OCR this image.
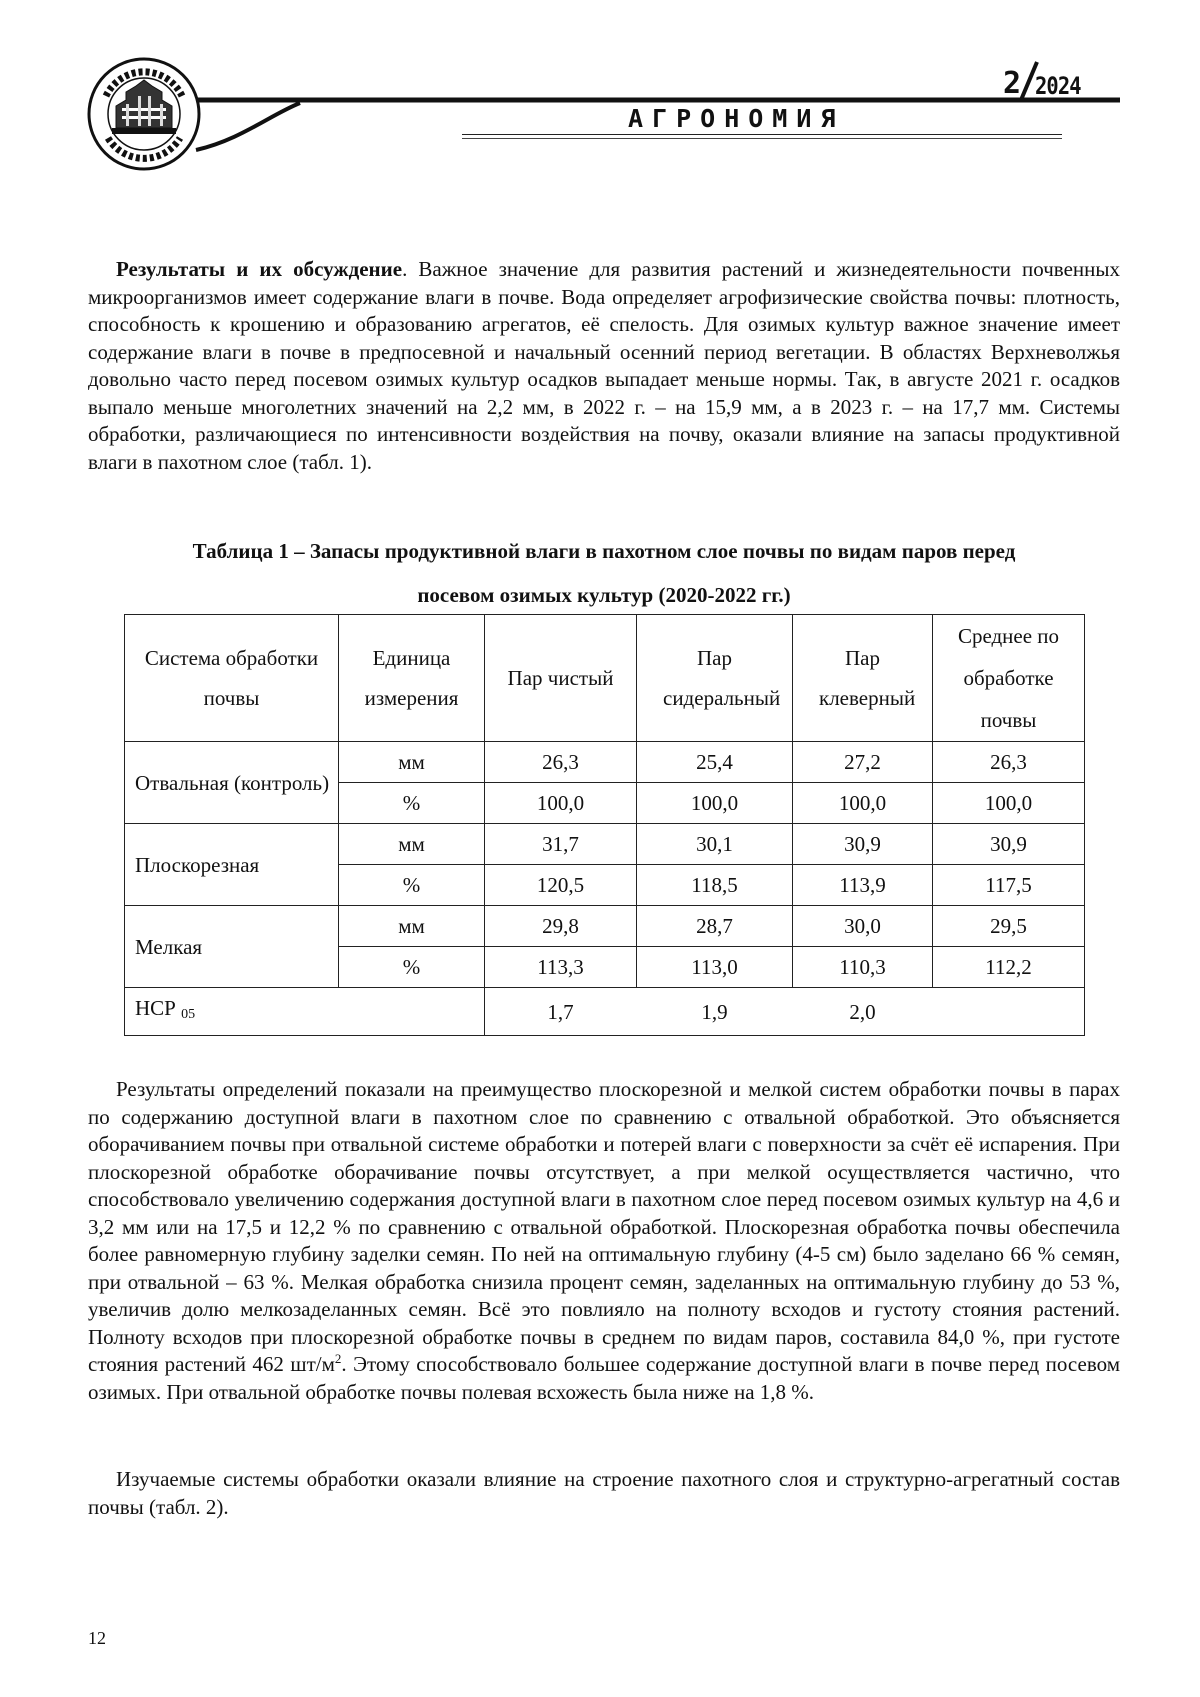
2 2024
АГРОНОМИЯ

Результаты и их обсуждение. Важное значение для развития растений и жизнедеятельности почвенных микроорганизмов имеет содержание влаги в почве. Вода определяет агрофизические свойства почвы: плотность, способность к крошению и образованию агрегатов, её спелость. Для озимых культур важное значение имеет содержание влаги в почве в предпосевной и начальный осенний период вегетации. В областях Верхневолжья довольно часто перед посевом озимых культур осадков выпадает меньше нормы. Так, в августе 2021 г. осадков выпало меньше многолетних значений на 2,2 мм, в 2022 г. – на 15,9 мм, а в 2023 г. – на 17,7 мм. Системы обработки, различающиеся по интенсивности воздействия на почву, оказали влияние на запасы продуктивной влаги в пахотном слое (табл. 1).

Таблица 1 – Запасы продуктивной влаги в пахотном слое почвы по видам паров перед
посевом озимых культур (2020-2022 гг.)
Система обработки почвы	Единица измерения	Пар чистый	Пар сидеральный	Пар клеверный	Среднее по обработке почвы
Отвальная (контроль)	мм	26,3	25,4	27,2	26,3
	%	100,0	100,0	100,0	100,0
Плоскорезная	мм	31,7	30,1	30,9	30,9
	%	120,5	118,5	113,9	117,5
Мелкая	мм	29,8	28,7	30,0	29,5
	%	113,3	113,0	110,3	112,2
НСР $_{05}$		1,7	1,9	2,0	

Результаты определений показали на преимущество плоскорезной и мелкой систем обработки почвы в парах по содержанию доступной влаги в пахотном слое по сравнению с отвальной обработкой. Это объясняется оборачиванием почвы при отвальной системе обработки и потерей влаги с поверхности за счёт её испарения. При плоскорезной обработке оборачивание почвы отсутствует, а при мелкой осуществляется частично, что способствовало увеличению содержания доступной влаги в пахотном слое перед посевом озимых культур на 4,6 и 3,2 мм или на 17,5 и 12,2 % по сравнению с отвальной обработкой. Плоскорезная обработка почвы обеспечила более равномерную глубину заделки семян. По ней на оптимальную глубину (4-5 см) было заделано 66 % семян, при отвальной – 63 %. Мелкая обработка снизила процент семян, заделанных на оптимальную глубину до 53 %, увеличив долю мелкозаделанных семян. Всё это повлияло на полноту всходов и густоту стояния растений. Полноту всходов при плоскорезной обработке почвы в среднем по видам паров, составила 84,0 %, при густоте стояния растений 462 $шт/м^2$. Этому способствовало большее содержание доступной влаги в почве перед посевом озимых. При отвальной обработке почвы полевая всхожесть была ниже на 1,8 %.

Изучаемые системы обработки оказали влияние на строение пахотного слоя и структурно-агрегатный состав почвы (табл. 2).

12
